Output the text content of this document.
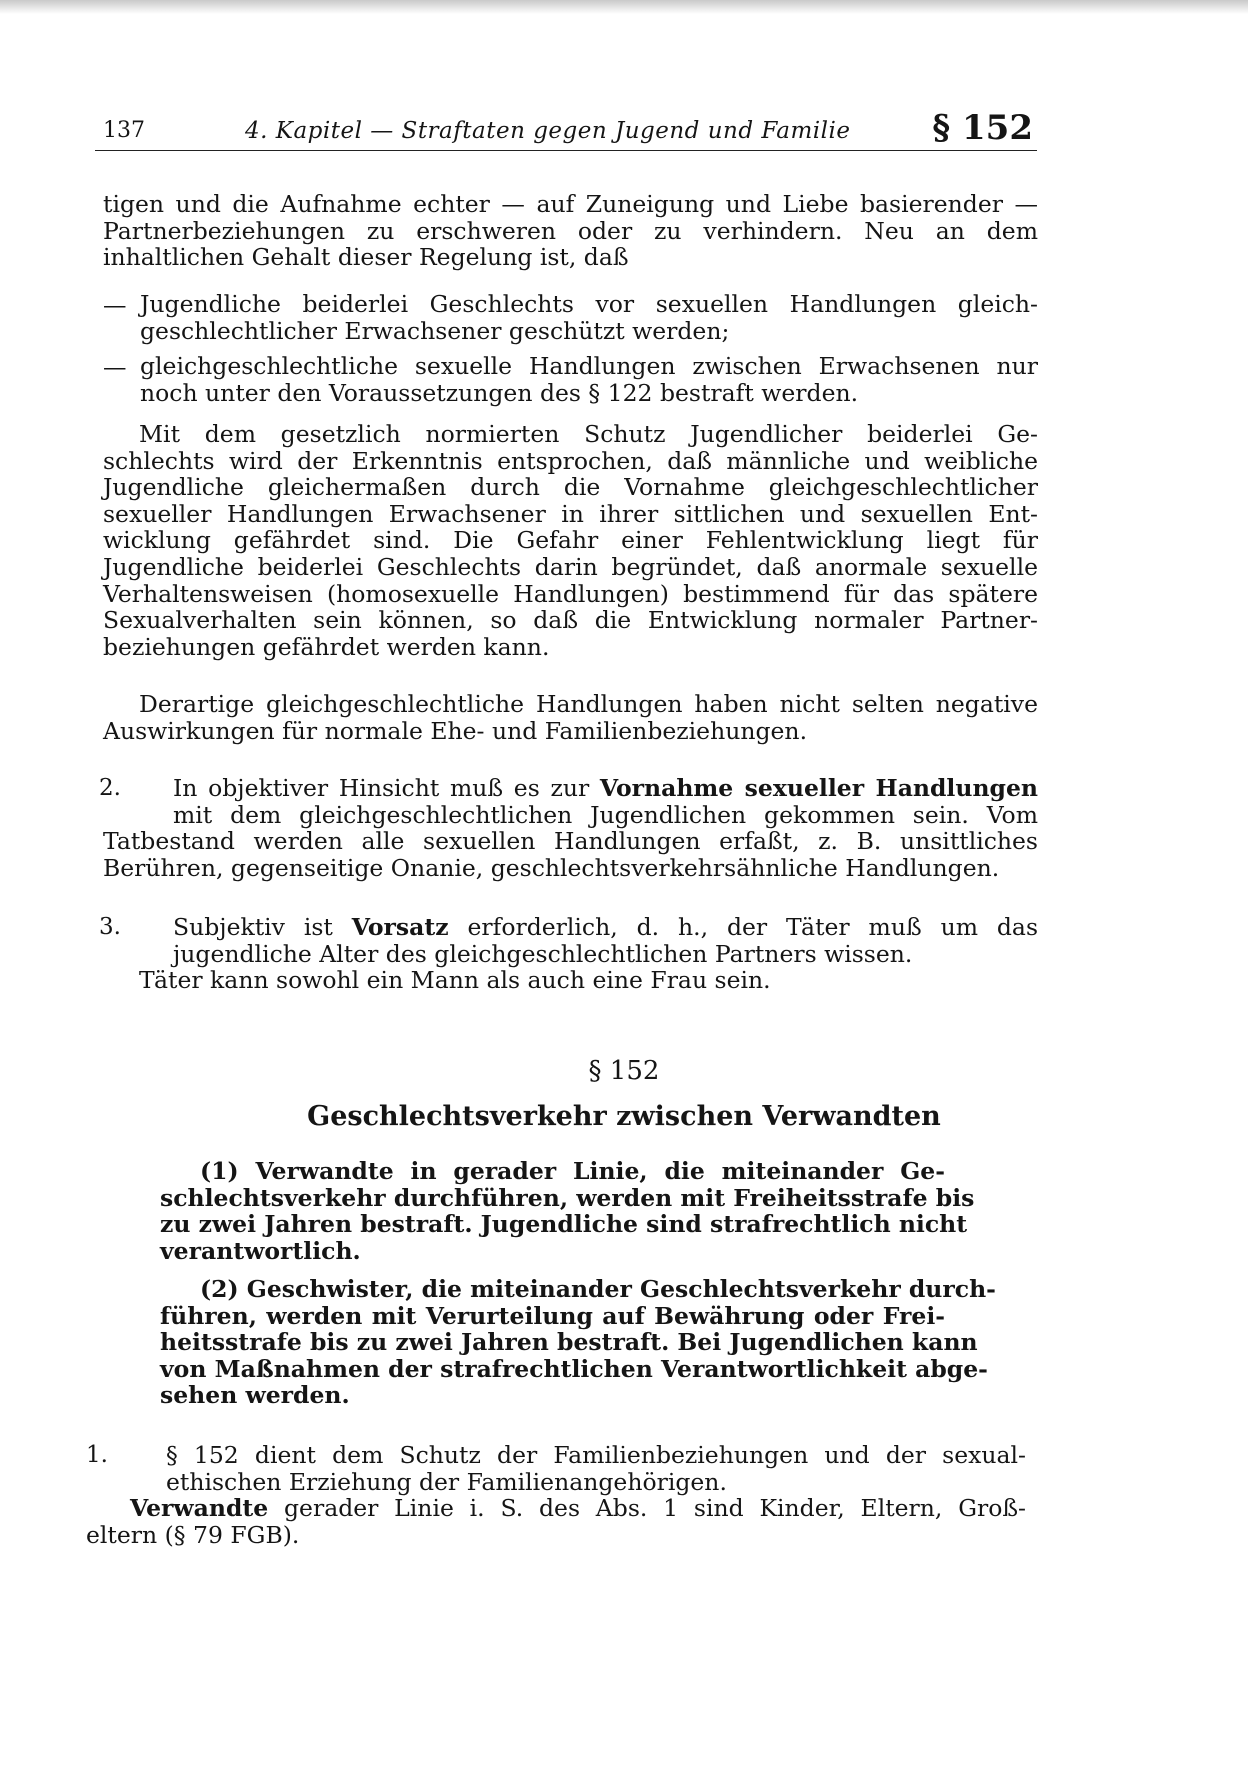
137	4. Kapitel — Straftaten gegen Jugend und Familie § 152
tigen und die Aufnahme echter — auf Zuneigung und Liebe basierender —
Partnerbeziehungen zu erschweren oder zu verhindern. Neu an dem
inhaltlichen Gehalt dieser Regelung ist, daß
— Jugendliche beiderlei Geschlechts vor sexuellen Handlungen gleich-
geschlechtlicher Erwachsener geschützt werden;
— gleichgeschlechtliche sexuelle Handlungen zwischen Erwachsenen nur
noch unter den Voraussetzungen des § 122 bestraft werden.
Mit dem gesetzlich normierten Schutz Jugendlicher beiderlei Ge-
schlechts wird der Erkenntnis entsprochen, daß männliche und weibliche
Jugendliche gleichermaßen durch die Vornahme gleichgeschlechtlicher
sexueller Handlungen Erwachsener in ihrer sittlichen und sexuellen Ent-
wicklung gefährdet sind. Die Gefahr einer Fehlentwicklung liegt für
Jugendliche beiderlei Geschlechts darin begründet, daß anormale sexuelle
Verhaltensweisen (homosexuelle Handlungen) bestimmend für das spätere
Sexualverhalten sein können, so daß die Entwicklung normaler Partner-
beziehungen gefährdet werden kann.
Derartige gleichgeschlechtliche Handlungen haben nicht selten negative
Auswirkungen für normale Ehe- und Familienbeziehungen.
2.	In objektiver Hinsicht muß es zur Vornahme sexueller Handlungen
mit dem gleichgeschlechtlichen Jugendlichen gekommen sein. Vom
Tatbestand werden alle sexuellen Handlungen erfaßt, z. B. unsittliches
Berühren, gegenseitige Onanie, geschlechtsverkehrsähnliche Handlungen.
3.	Subjektiv ist Vorsatz erforderlich, d. h., der Täter muß um das
jugendliche Alter des gleichgeschlechtlichen Partners wissen.
Täter kann sowohl ein Mann als auch eine Frau sein.
§ 152
Geschlechtsverkehr zwischen Verwandten
(1) Verwandte in gerader Linie, die miteinander Ge-
schlechtsverkehr durchführen, werden mit Freiheitsstrafe bis
zu zwei Jahren bestraft. Jugendliche sind strafrechtlich nicht
verantwortlich.
(2) Geschwister, die miteinander Geschlechtsverkehr durch-
führen, werden mit Verurteilung auf Bewährung oder Frei-
heitsstrafe bis zu zwei Jahren bestraft. Bei Jugendlichen kann
von Maßnahmen der strafrechtlichen Verantwortlichkeit abge-
sehen werden.
1.	§ 152 dient dem Schutz der Familienbeziehungen und der sexual-
ethischen Erziehung der Familienangehörigen.
Verwandte gerader Linie i. S. des Abs. 1 sind Kinder, Eltern, Groß-
eltern (§ 79 FGB).
